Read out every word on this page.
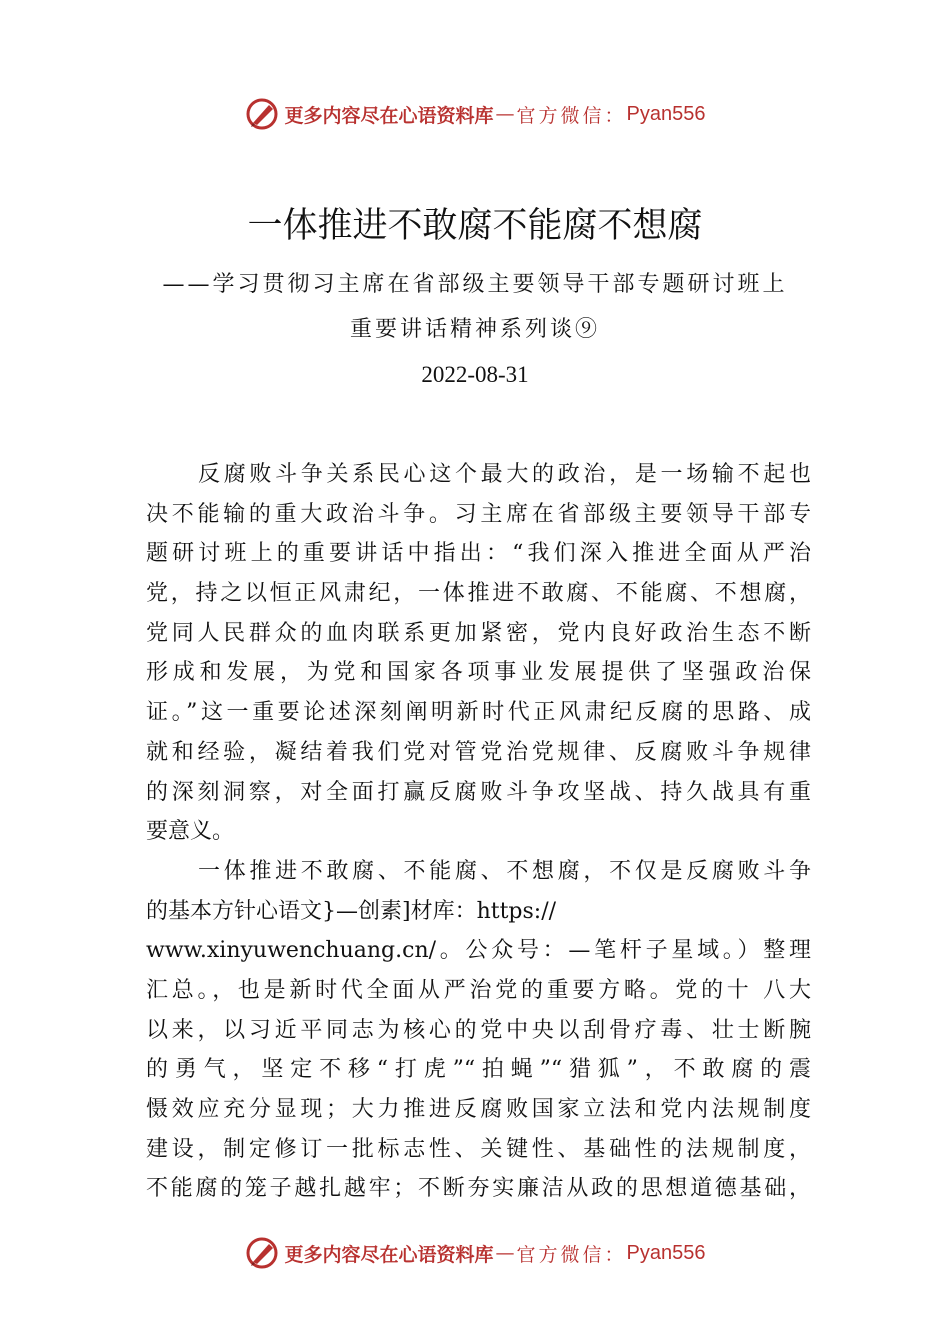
更多内容尽在心语资料库 — 官方微信： Pyan556
一体推进不敢腐不能腐不想腐
——学习贯彻习主席在省部级主要领导干部专题研讨班上
重要讲话精神系列谈⑨
2022-08-31
反腐败斗争关系民心这个最大的政治，是一场输不起也
决不能输的重大政治斗争。习主席在省部级主要领导干部专
题研讨班上的重要讲话中指出：“我们深入推进全面从严治
党，持之以恒正风肃纪，一体推进不敢腐、不能腐、不想腐，
党同人民群众的血肉联系更加紧密，党内良好政治生态不断
形成和发展，为党和国家各项事业发展提供了坚强政治保
证。”这一重要论述深刻阐明新时代正风肃纪反腐的思路、成
就和经验，凝结着我们党对管党治党规律、反腐败斗争规律
的深刻洞察，对全面打赢反腐败斗争攻坚战、持久战具有重
要意义。
一体推进不敢腐、不能腐、不想腐，不仅是反腐败斗争
的基本方针心语文}—创素]材库：https://
www.xinyuwenchuang.cn/。公众号：—笔杆子星域。）整理
汇总。，也是新时代全面从严治党的重要方略。党的十 八大
以来，以习近平同志为核心的党中央以刮骨疗毒、壮士断腕
的勇气，坚定不移“打虎”“拍蝇”“猎狐”，不敢腐的震
慑效应充分显现；大力推进反腐败国家立法和党内法规制度
建设，制定修订一批标志性、关键性、基础性的法规制度，
不能腐的笼子越扎越牢；不断夯实廉洁从政的思想道德基础，
更多内容尽在心语资料库 — 官方微信： Pyan556
